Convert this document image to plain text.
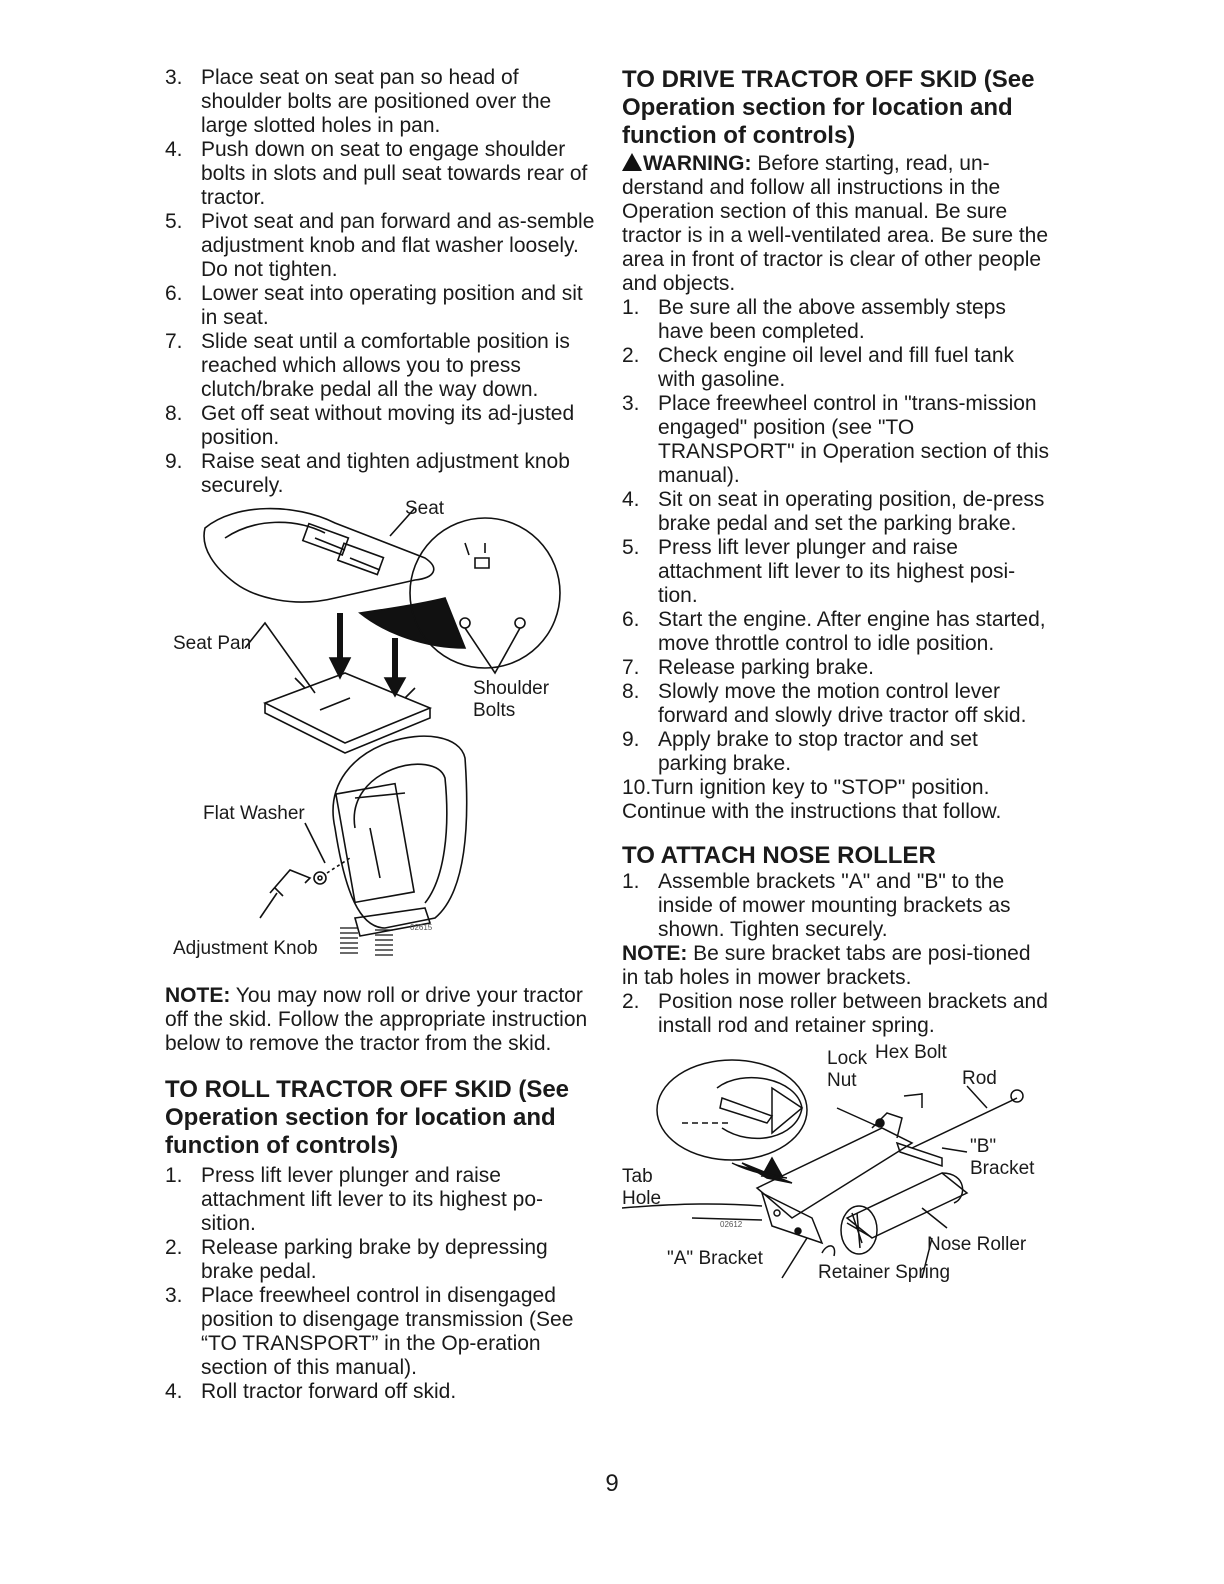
3. Place seat on seat pan so head of shoulder bolts are positioned over the large slotted holes in pan.
4. Push down on seat to engage shoulder bolts in slots and pull seat towards rear of tractor.
5. Pivot seat and pan forward and as-semble adjustment knob and flat washer loosely. Do not tighten.
6. Lower seat into operating position and sit in seat.
7. Slide seat until a comfortable position is reached which allows you to press clutch/brake pedal all the way down.
8. Get off seat without moving its ad-justed position.
9. Raise seat and tighten adjustment knob securely.
Seat
Seat Pan
Shoulder
Bolts
Flat Washer
Adjustment Knob
02615

NOTE: You may now roll or drive your tractor off the skid. Follow the appropriate instruction below to remove the tractor from the skid.

TO ROLL TRACTOR OFF SKID (See Operation section for location and function of controls)
1. Press lift lever plunger and raise attachment lift lever to its highest po-sition.
2. Release parking brake by depressing brake pedal.
3. Place freewheel control in disengaged position to disengage transmission (See “TO TRANSPORT” in the Op-eration section of this manual).
4. Roll tractor forward off skid.
TO DRIVE TRACTOR OFF SKID (See Operation section for location and function of controls)

WARNING: Before starting, read, un-derstand and follow all instructions in the Operation section of this manual. Be sure tractor is in a well-ventilated area. Be sure the area in front of tractor is clear of other people and objects.

1. Be sure all the above assembly steps have been completed.
2. Check engine oil level and fill fuel tank with gasoline.
3. Place freewheel control in "trans-mission engaged" position (see "TO TRANSPORT" in Operation section of this manual).
4. Sit on seat in operating position, de-press brake pedal and set the parking brake.
5. Press lift lever plunger and raise attachment lift lever to its highest posi-tion.
6. Start the engine. After engine has started, move throttle control to idle position.
7. Release parking brake.
8. Slowly move the motion control lever forward and slowly drive tractor off skid.
9. Apply brake to stop tractor and set parking brake.

10.Turn ignition key to "STOP" position.

Continue with the instructions that follow.

TO ATTACH NOSE ROLLER
1. Assemble brackets "A" and "B" to the inside of mower mounting brackets as shown. Tighten securely.

NOTE: Be sure bracket tabs are posi-tioned in tab holes in mower brackets.

2. Position nose roller between brackets and install rod and retainer spring.
Lock
Nut
Hex Bolt
Rod
"B"
Bracket
Tab
Hole
Nose Roller
"A" Bracket
Retainer Spring
02612
9
